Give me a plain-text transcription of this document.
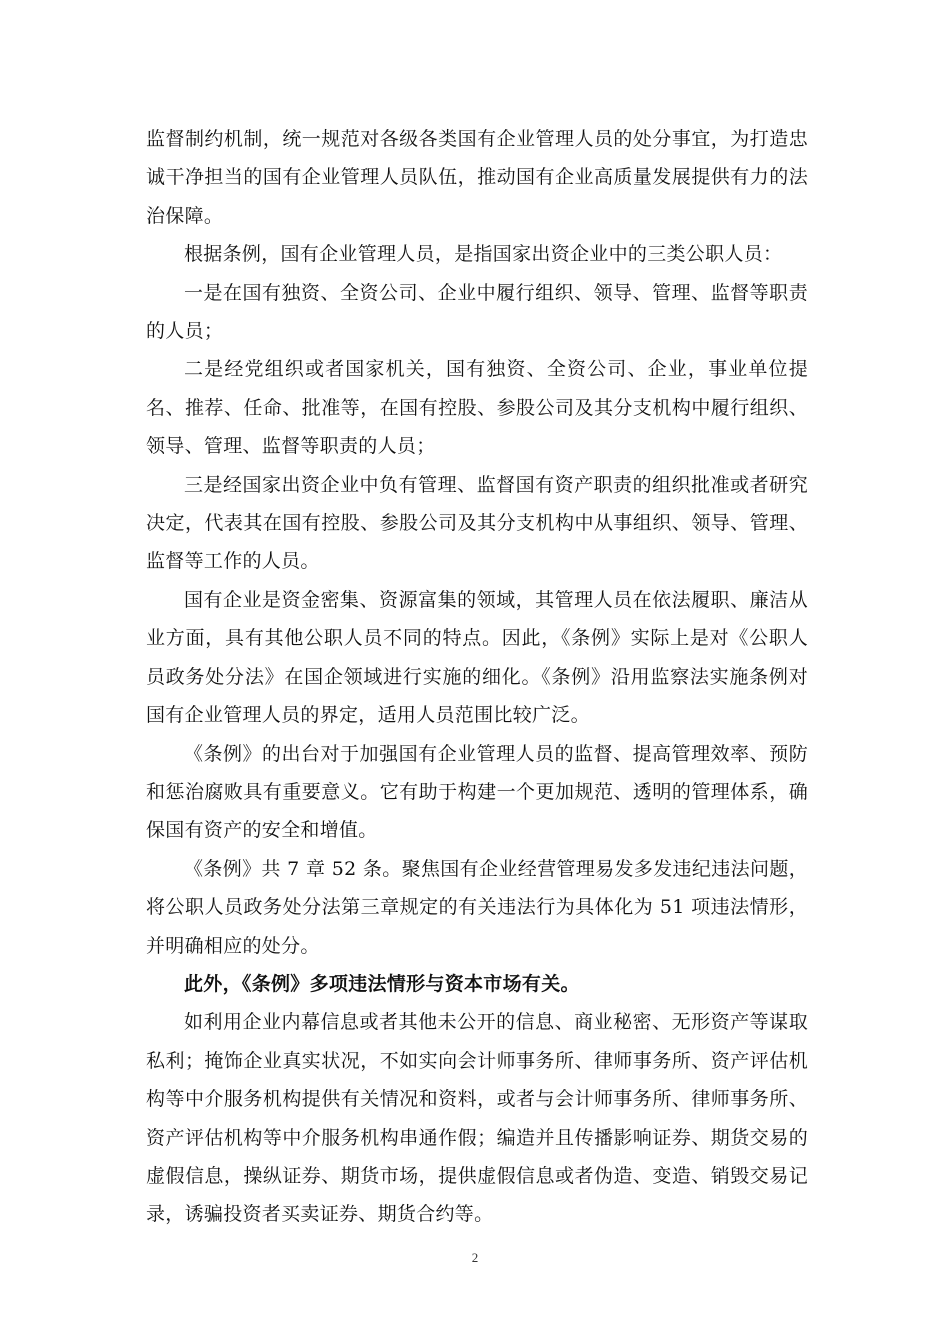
监督制约机制，统一规范对各级各类国有企业管理人员的处分事宜，为打造忠诚干净担当的国有企业管理人员队伍，推动国有企业高质量发展提供有力的法治保障。

根据条例，国有企业管理人员，是指国家出资企业中的三类公职人员：

一是在国有独资、全资公司、企业中履行组织、领导、管理、监督等职责的人员；

二是经党组织或者国家机关，国有独资、全资公司、企业，事业单位提名、推荐、任命、批准等，在国有控股、参股公司及其分支机构中履行组织、领导、管理、监督等职责的人员；

三是经国家出资企业中负有管理、监督国有资产职责的组织批准或者研究决定，代表其在国有控股、参股公司及其分支机构中从事组织、领导、管理、监督等工作的人员。

国有企业是资金密集、资源富集的领域，其管理人员在依法履职、廉洁从业方面，具有其他公职人员不同的特点。因此，《条例》实际上是对《公职人员政务处分法》在国企领域进行实施的细化。《条例》沿用监察法实施条例对国有企业管理人员的界定，适用人员范围比较广泛。

《条例》的出台对于加强国有企业管理人员的监督、提高管理效率、预防和惩治腐败具有重要意义。它有助于构建一个更加规范、透明的管理体系，确保国有资产的安全和增值。

《条例》共 7 章 52 条。聚焦国有企业经营管理易发多发违纪违法问题，将公职人员政务处分法第三章规定的有关违法行为具体化为 51 项违法情形，并明确相应的处分。

此外，《条例》多项违法情形与资本市场有关。

如利用企业内幕信息或者其他未公开的信息、商业秘密、无形资产等谋取私利；掩饰企业真实状况，不如实向会计师事务所、律师事务所、资产评估机构等中介服务机构提供有关情况和资料，或者与会计师事务所、律师事务所、资产评估机构等中介服务机构串通作假；编造并且传播影响证券、期货交易的虚假信息，操纵证券、期货市场，提供虚假信息或者伪造、变造、销毁交易记录，诱骗投资者买卖证券、期货合约等。

2
